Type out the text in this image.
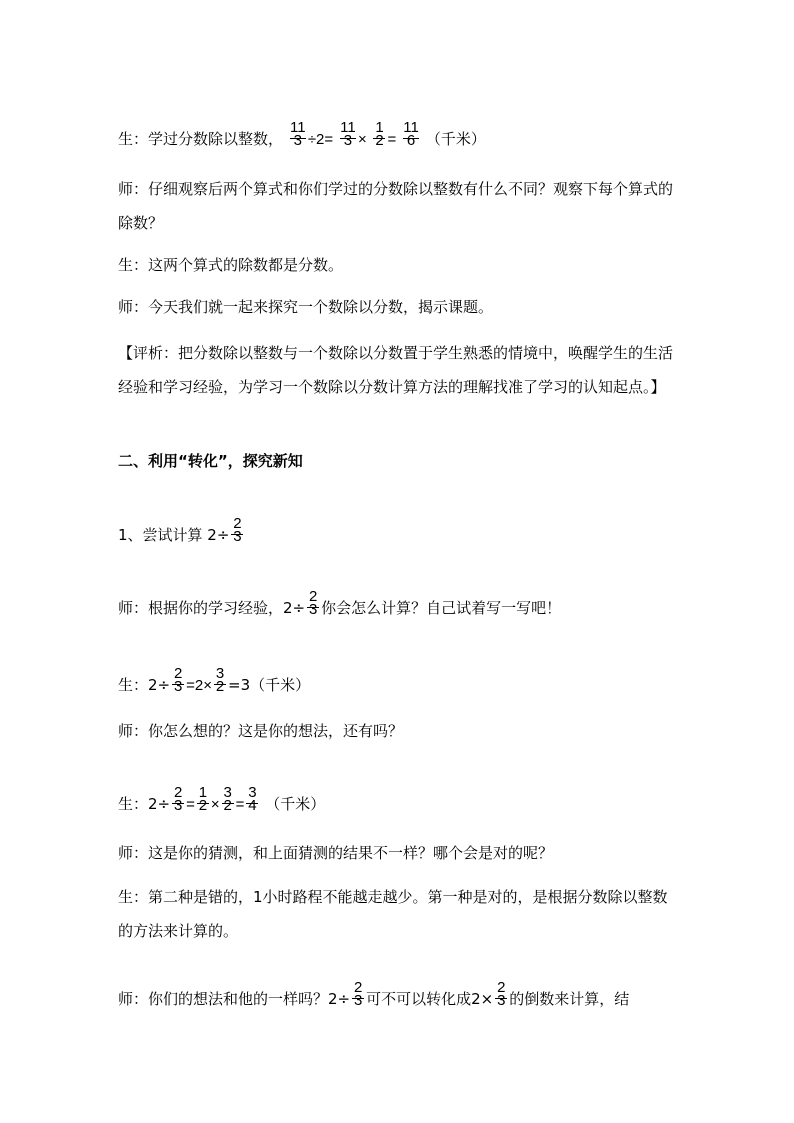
生：学过分数除以整数， $\frac{11}{3} \div 2= \frac{11}{3} \times \frac{1}{2} = \frac{11}{6}$ （千米）
师：仔细观察后两个算式和你们学过的分数除以整数有什么不同？观察下每个算式的除数？
生：这两个算式的除数都是分数。
师：今天我们就一起来探究一个数除以分数，揭示课题。
【评析：把分数除以整数与一个数除以分数置于学生熟悉的情境中，唤醒学生的生活经验和学习经验，为学习一个数除以分数计算方法的理解找准了学习的认知起点。】
二、利用“转化”，探究新知
1、尝试计算 $2\div \frac{2}{3}$
师：根据你的学习经验，$2\div \frac{2}{3}$ 你会怎么计算？自己试着写一写吧！
生：$2\div \frac{2}{3} =2\times \frac{3}{2} =3$（千米）
师：你怎么想的？这是你的想法，还有吗？
生：$2\div \frac{2}{3} = \frac{1}{2} \times \frac{3}{2} = \frac{3}{4}$ （千米）
师：这是你的猜测，和上面猜测的结果不一样？哪个会是对的呢？
生：第二种是错的，1小时路程不能越走越少。第一种是对的，是根据分数除以整数的方法来计算的。
师：你们的想法和他的一样吗？$2\div \frac{2}{3}$ 可不可以转化成$2\times \frac{2}{3}$ 的倒数来计算，结
